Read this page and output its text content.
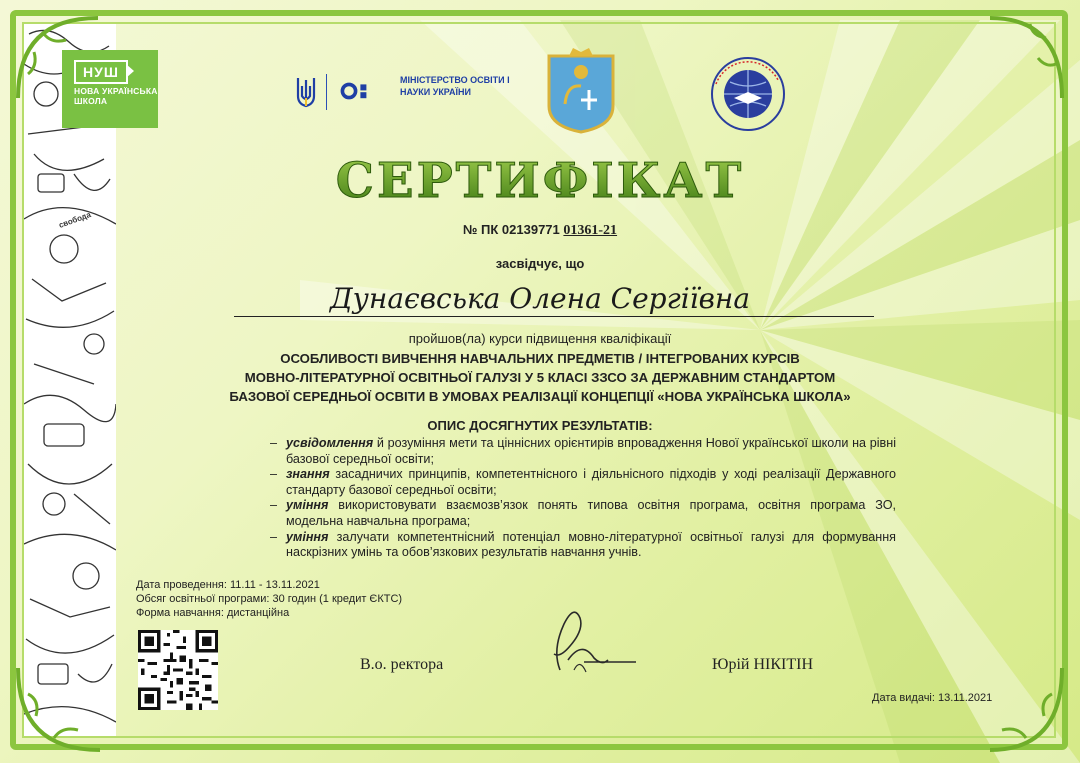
свобода
НУШ
НОВА УКРАЇНСЬКА ШКОЛА
МІНІСТЕРСТВО ОСВІТИ І НАУКИ УКРАЇНИ
СЕРТИФІКАТ
№ ПК 02139771 01361-21
засвідчує, що
Дунаєвська Олена Сергіївна
пройшов(ла) курси підвищення кваліфікації
ОСОБЛИВОСТІ ВИВЧЕННЯ НАВЧАЛЬНИХ ПРЕДМЕТІВ / ІНТЕГРОВАНИХ КУРСІВ
МОВНО-ЛІТЕРАТУРНОЇ ОСВІТНЬОЇ ГАЛУЗІ У 5 КЛАСІ ЗЗСО ЗА ДЕРЖАВНИМ СТАНДАРТОМ
БАЗОВОЇ СЕРЕДНЬОЇ ОСВІТИ В УМОВАХ РЕАЛІЗАЦІЇ КОНЦЕПЦІЇ «НОВА УКРАЇНСЬКА ШКОЛА»
ОПИС ДОСЯГНУТИХ РЕЗУЛЬТАТІВ:
– усвідомлення й розуміння мети та ціннісних орієнтирів впровадження Нової української школи на рівні базової середньої освіти;
– знання засадничих принципів, компетентнісного і діяльнісного підходів у ході реалізації Державного стандарту базової середньої освіти;
– уміння використовувати взаємозв’язок понять типова освітня програма, освітня програма ЗО, модельна навчальна програма;
– уміння залучати компетентнісний потенціал мовно-літературної освітньої галузі для формування наскрізних умінь та обов’язкових результатів навчання учнів.
Дата проведення: 11.11 - 13.11.2021
Обсяг освітньої програми: 30 годин (1 кредит ЄКТС)
Форма навчання: дистанційна
В.о. ректора	Юрій НІКІТІН
Дата видачі: 13.11.2021
